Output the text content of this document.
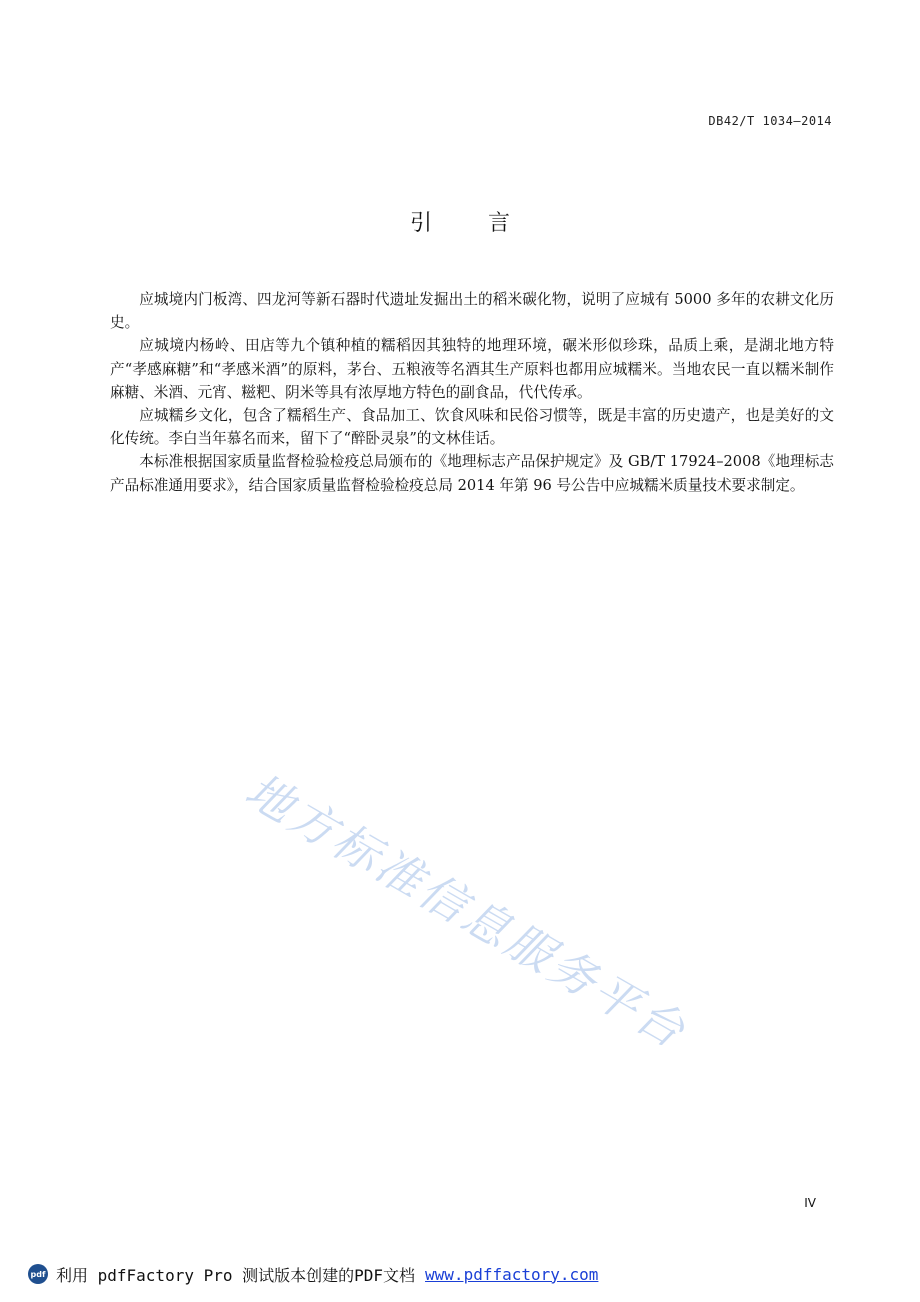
DB42/T 1034—2014
引言

应城境内门板湾、四龙河等新石器时代遗址发掘出土的稻米碳化物，说明了应城有 5000 多年的农耕文化历史。

应城境内杨岭、田店等九个镇种植的糯稻因其独特的地理环境，碾米形似珍珠，品质上乘，是湖北地方特产“孝感麻糖”和“孝感米酒”的原料，茅台、五粮液等名酒其生产原料也都用应城糯米。当地农民一直以糯米制作麻糖、米酒、元宵、糍粑、阴米等具有浓厚地方特色的副食品，代代传承。

应城糯乡文化，包含了糯稻生产、食品加工、饮食风味和民俗习惯等，既是丰富的历史遗产，也是美好的文化传统。李白当年慕名而来，留下了“醉卧灵泉”的文林佳话。

本标准根据国家质量监督检验检疫总局颁布的《地理标志产品保护规定》及 GB/T 17924–2008《地理标志产品标准通用要求》，结合国家质量监督检验检疫总局 2014 年第 96 号公告中应城糯米质量技术要求制定。

地方标准信息服务平台
IV
pdf 利用 pdfFactory Pro 测试版本创建的PDF文档 www.pdffactory.com
